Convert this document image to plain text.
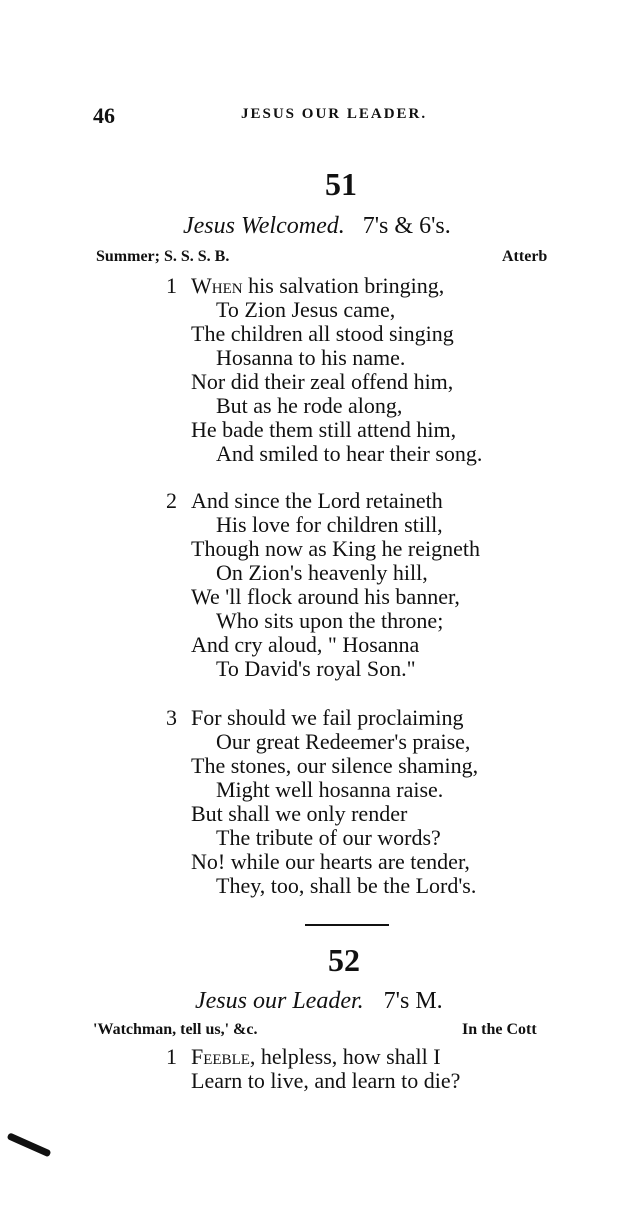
46	JESUS OUR LEADER.
51
Jesus Welcomed. 7's & 6's.
Summer; S. S. S. B.	Atterb
1 When his salvation bringing,
To Zion Jesus came,
The children all stood singing
Hosanna to his name.
Nor did their zeal offend him,
But as he rode along,
He bade them still attend him,
And smiled to hear their song.
2 And since the Lord retaineth
His love for children still,
Though now as King he reigneth
On Zion's heavenly hill,
We 'll flock around his banner,
Who sits upon the throne;
And cry aloud, " Hosanna
To David's royal Son."
3 For should we fail proclaiming
Our great Redeemer's praise,
The stones, our silence shaming,
Might well hosanna raise.
But shall we only render
The tribute of our words?
No! while our hearts are tender,
They, too, shall be the Lord's.
52
Jesus our Leader. 7's M.
'Watchman, tell us,' &c.	In the Cott
1 Feeble, helpless, how shall I
Learn to live, and learn to die?
